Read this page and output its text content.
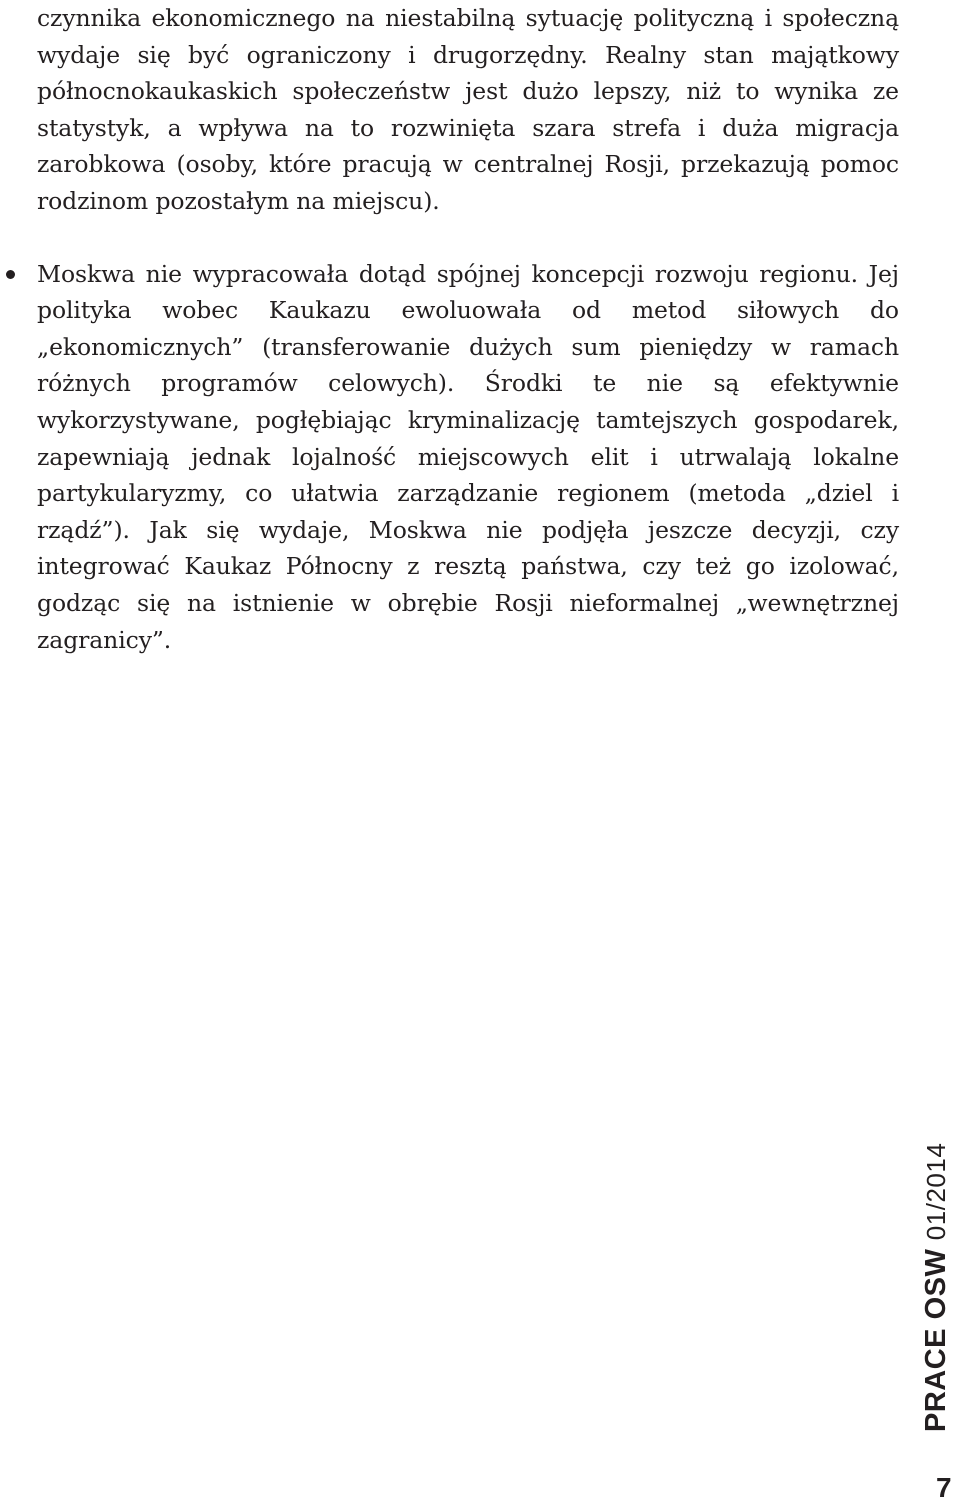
czynnika ekonomicznego na niestabilną sytuację polityczną i społeczną wydaje się być ograniczony i drugorzędny. Realny stan majątkowy północnokaukaskich społeczeństw jest dużo lepszy, niż to wynika ze statystyk, a wpływa na to rozwinięta szara strefa i duża migracja zarobkowa (osoby, które pracują w centralnej Rosji, przekazują pomoc rodzinom pozostałym na miejscu).

Moskwa nie wypracowała dotąd spójnej koncepcji rozwoju regionu. Jej polityka wobec Kaukazu ewoluowała od metod siłowych do „ekonomicznych” (transferowanie dużych sum pieniędzy w ramach różnych programów celowych). Środki te nie są efektywnie wykorzystywane, pogłębiając kryminalizację tamtejszych gospodarek, zapewniają jednak lojalność miejscowych elit i utrwalają lokalne partykularyzmy, co ułatwia zarządzanie regionem (metoda „dziel i rządź”). Jak się wydaje, Moskwa nie podjęła jeszcze decyzji, czy integrować Kaukaz Północny z resztą państwa, czy też go izolować, godząc się na istnienie w obrębie Rosji nieformalnej „wewnętrznej zagranicy”.
PRACE OSW 01/2014
7
